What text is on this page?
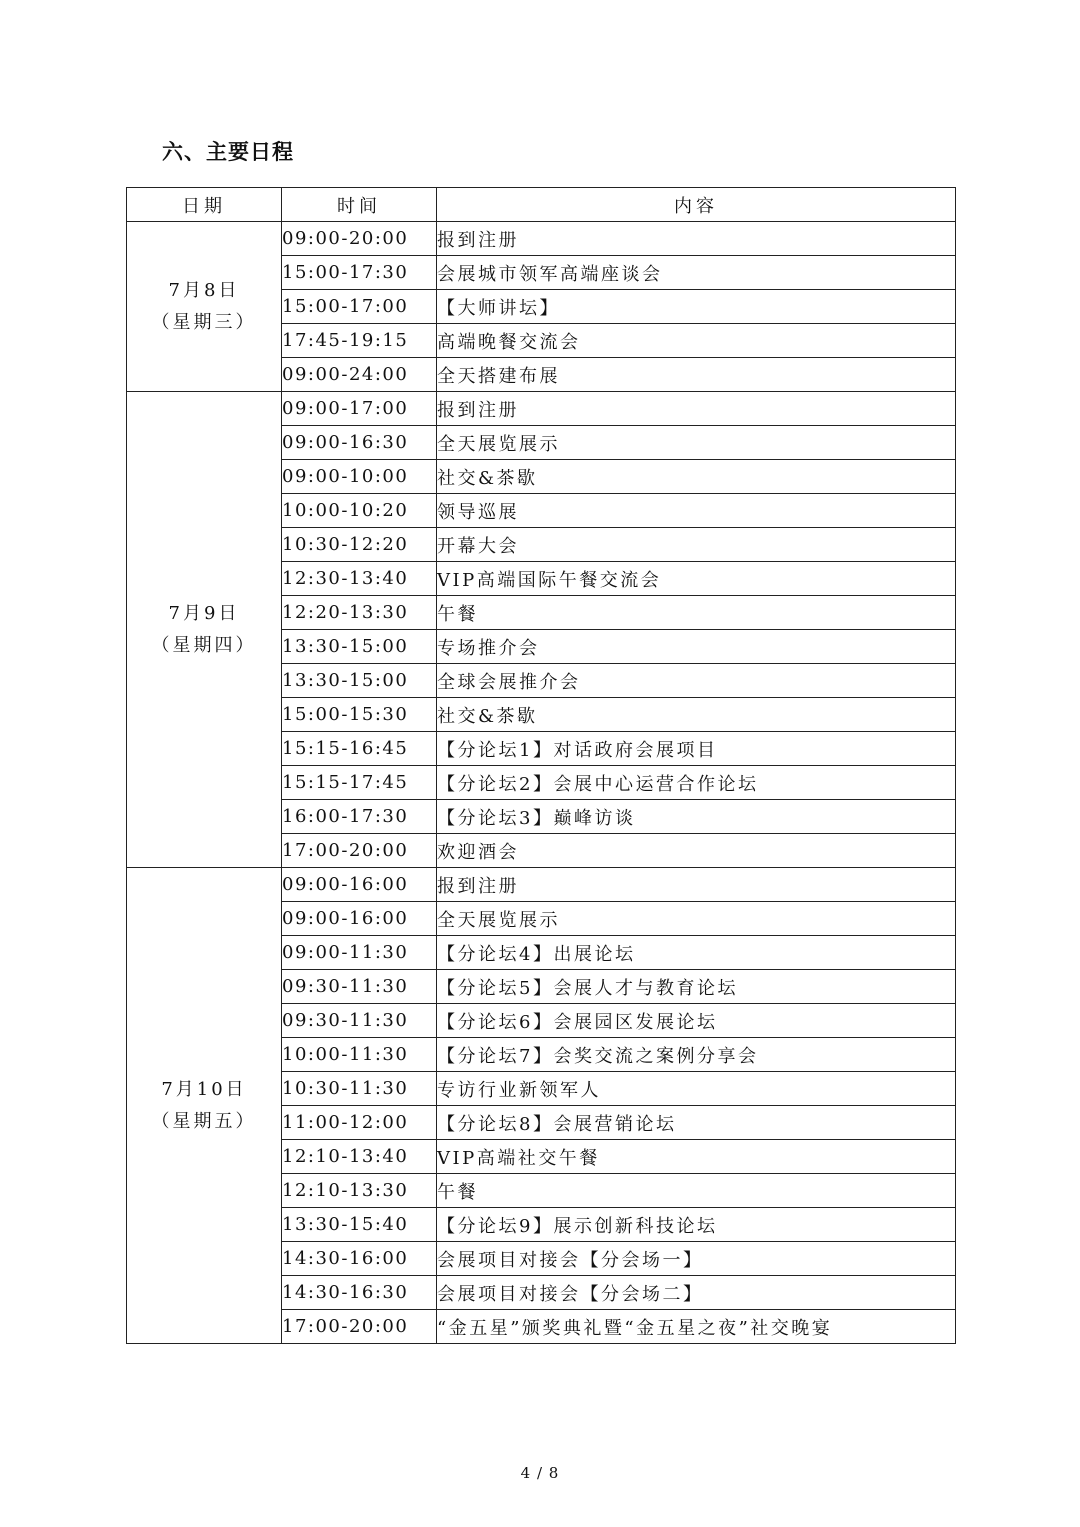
六、主要日程
日期	时间	内容

7月8日
（星期三）	09:00-20:00	报到注册
	15:00-17:30	会展城市领军高端座谈会
	15:00-17:00	【大师讲坛】
	17:45-19:15	高端晚餐交流会
	09:00-24:00	全天搭建布展

7月9日
（星期四）	09:00-17:00	报到注册
	09:00-16:30	全天展览展示
	09:00-10:00	社交&茶歇
	10:00-10:20	领导巡展
	10:30-12:20	开幕大会
	12:30-13:40	VIP高端国际午餐交流会
	12:20-13:30	午餐
	13:30-15:00	专场推介会
	13:30-15:00	全球会展推介会
	15:00-15:30	社交&茶歇
	15:15-16:45	【分论坛1】对话政府会展项目
	15:15-17:45	【分论坛2】会展中心运营合作论坛
	16:00-17:30	【分论坛3】巅峰访谈
	17:00-20:00	欢迎酒会

7月10日
（星期五）	09:00-16:00	报到注册
	09:00-16:00	全天展览展示
	09:00-11:30	【分论坛4】出展论坛
	09:30-11:30	【分论坛5】会展人才与教育论坛
	09:30-11:30	【分论坛6】会展园区发展论坛
	10:00-11:30	【分论坛7】会奖交流之案例分享会
	10:30-11:30	专访行业新领军人
	11:00-12:00	【分论坛8】会展营销论坛
	12:10-13:40	VIP高端社交午餐
	12:10-13:30	午餐
	13:30-15:40	【分论坛9】展示创新科技论坛
	14:30-16:00	会展项目对接会【分会场一】
	14:30-16:30	会展项目对接会【分会场二】
	17:00-20:00	“金五星”颁奖典礼暨“金五星之夜”社交晚宴
4 / 8
